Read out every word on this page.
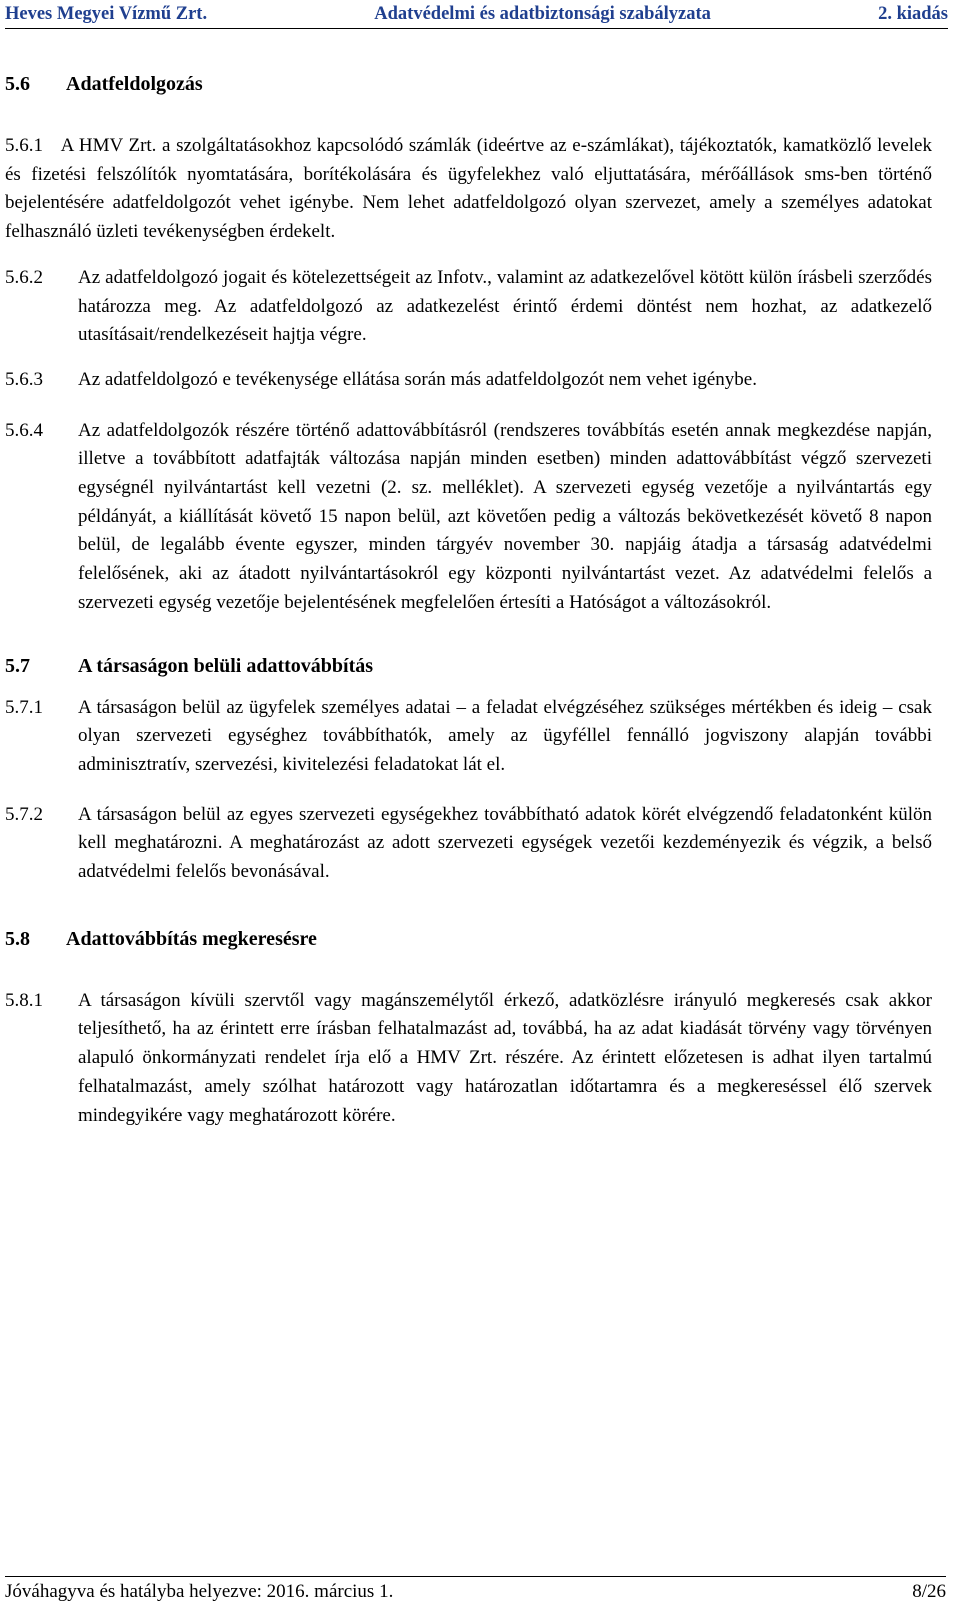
Heves Megyei Vízmű Zrt.	Adatvédelmi és adatbiztonsági szabályzata	2. kiadás
5.6	Adatfeldolgozás
5.6.1 A HMV Zrt. a szolgáltatásokhoz kapcsolódó számlák (ideértve az e-számlákat), tájékoztatók, kamatközlő levelek és fizetési felszólítók nyomtatására, borítékolására és ügyfelekhez való eljuttatására, mérőállások sms-ben történő bejelentésére adatfeldolgozót vehet igénybe. Nem lehet adatfeldolgozó olyan szervezet, amely a személyes adatokat felhasználó üzleti tevékenységben érdekelt.
5.6.2	Az adatfeldolgozó jogait és kötelezettségeit az Infotv., valamint az adatkezelővel kötött külön írásbeli szerződés határozza meg. Az adatfeldolgozó az adatkezelést érintő érdemi döntést nem hozhat, az adatkezelő utasításait/rendelkezéseit hajtja végre.
5.6.3	Az adatfeldolgozó e tevékenysége ellátása során más adatfeldolgozót nem vehet igénybe.
5.6.4	Az adatfeldolgozók részére történő adattovábbításról (rendszeres továbbítás esetén annak megkezdése napján, illetve a továbbított adatfajták változása napján minden esetben) minden adattovábbítást végző szervezeti egységnél nyilvántartást kell vezetni (2. sz. melléklet). A szervezeti egység vezetője a nyilvántartás egy példányát, a kiállítását követő 15 napon belül, azt követően pedig a változás bekövetkezését követő 8 napon belül, de legalább évente egyszer, minden tárgyév november 30. napjáig átadja a társaság adatvédelmi felelősének, aki az átadott nyilvántartásokról egy központi nyilvántartást vezet. Az adatvédelmi felelős a szervezeti egység vezetője bejelentésének megfelelően értesíti a Hatóságot a változásokról.
5.7	A társaságon belüli adattovábbítás
5.7.1	A társaságon belül az ügyfelek személyes adatai – a feladat elvégzéséhez szükséges mértékben és ideig – csak olyan szervezeti egységhez továbbíthatók, amely az ügyféllel fennálló jogviszony alapján további adminisztratív, szervezési, kivitelezési feladatokat lát el.
5.7.2	A társaságon belül az egyes szervezeti egységekhez továbbítható adatok körét elvégzendő feladatonként külön kell meghatározni. A meghatározást az adott szervezeti egységek vezetői kezdeményezik és végzik, a belső adatvédelmi felelős bevonásával.
5.8	Adattovábbítás megkeresésre
5.8.1	A társaságon kívüli szervtől vagy magánszemélytől érkező, adatközlésre irányuló megkeresés csak akkor teljesíthető, ha az érintett erre írásban felhatalmazást ad, továbbá, ha az adat kiadását törvény vagy törvényen alapuló önkormányzati rendelet írja elő a HMV Zrt. részére. Az érintett előzetesen is adhat ilyen tartalmú felhatalmazást, amely szólhat határozott vagy határozatlan időtartamra és a megkereséssel élő szervek mindegyikére vagy meghatározott körére.
Jóváhagyva és hatályba helyezve: 2016. március 1.	8/26
